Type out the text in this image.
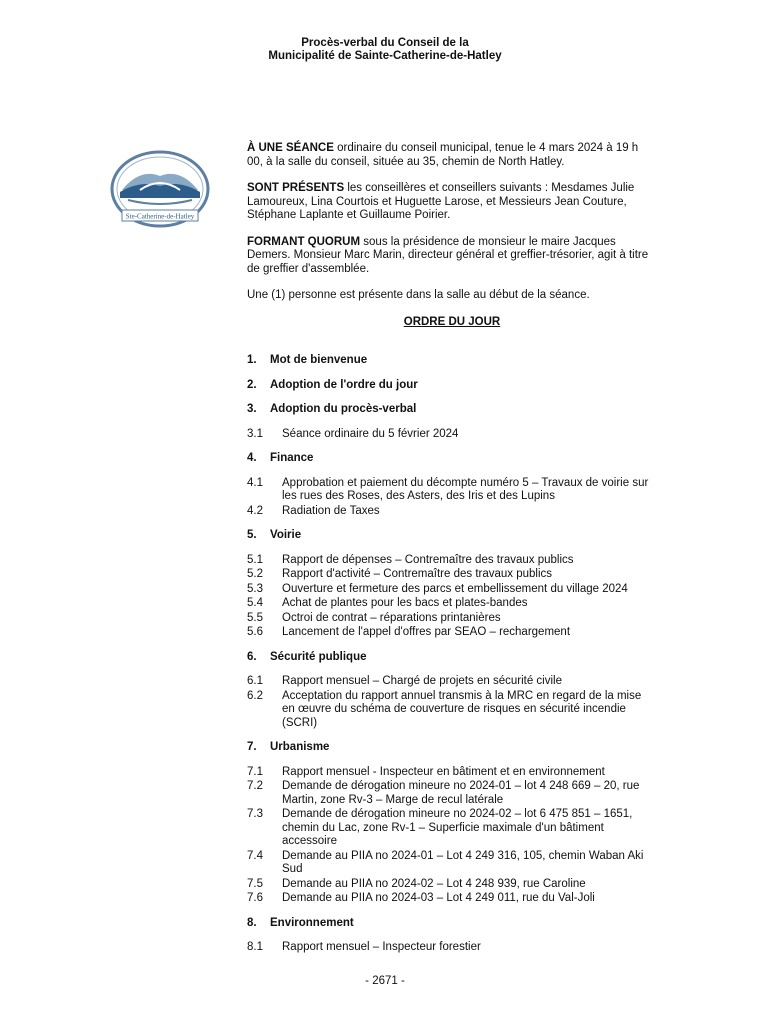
Procès-verbal du Conseil de la
Municipalité de Sainte-Catherine-de-Hatley
Ste-Catherine-de-Hatley

À UNE SÉANCE ordinaire du conseil municipal, tenue le 4 mars 2024 à 19 h 00, à la salle du conseil, située au 35, chemin de North Hatley.

SONT PRÉSENTS les conseillères et conseillers suivants : Mesdames Julie Lamoureux, Lina Courtois et Huguette Larose, et Messieurs Jean Couture, Stéphane Laplante et Guillaume Poirier.

FORMANT QUORUM sous la présidence de monsieur le maire Jacques Demers. Monsieur Marc Marin, directeur général et greffier-trésorier, agit à titre de greffier d'assemblée.

Une (1) personne est présente dans la salle au début de la séance.

ORDRE DU JOUR
1.	Mot de bienvenue
2.	Adoption de l'ordre du jour
3.	Adoption du procès-verbal
3.1	Séance ordinaire du 5 février 2024
4.	Finance
4.1	Approbation et paiement du décompte numéro 5 – Travaux de voirie sur les rues des Roses, des Asters, des Iris et des Lupins
4.2	Radiation de Taxes
5.	Voirie
5.1	Rapport de dépenses – Contremaître des travaux publics
5.2	Rapport d'activité – Contremaître des travaux publics
5.3	Ouverture et fermeture des parcs et embellissement du village 2024
5.4	Achat de plantes pour les bacs et plates-bandes
5.5	Octroi de contrat – réparations printanières
5.6	Lancement de l'appel d'offres par SEAO – rechargement
6.	Sécurité publique
6.1	Rapport mensuel – Chargé de projets en sécurité civile
6.2	Acceptation du rapport annuel transmis à la MRC en regard de la mise en œuvre du schéma de couverture de risques en sécurité incendie (SCRI)
7.	Urbanisme
7.1	Rapport mensuel - Inspecteur en bâtiment et en environnement
7.2	Demande de dérogation mineure no 2024-01 – lot 4 248 669 – 20, rue Martin, zone Rv-3 – Marge de recul latérale
7.3	Demande de dérogation mineure no 2024-02 – lot 6 475 851 – 1651, chemin du Lac, zone Rv-1 – Superficie maximale d'un bâtiment accessoire
7.4	Demande au PIIA no 2024-01 – Lot 4 249 316, 105, chemin Waban Aki Sud
7.5	Demande au PIIA no 2024-02 – Lot 4 248 939, rue Caroline
7.6	Demande au PIIA no 2024-03 – Lot 4 249 011, rue du Val-Joli
8.	Environnement
8.1	Rapport mensuel – Inspecteur forestier
- 2671 -
